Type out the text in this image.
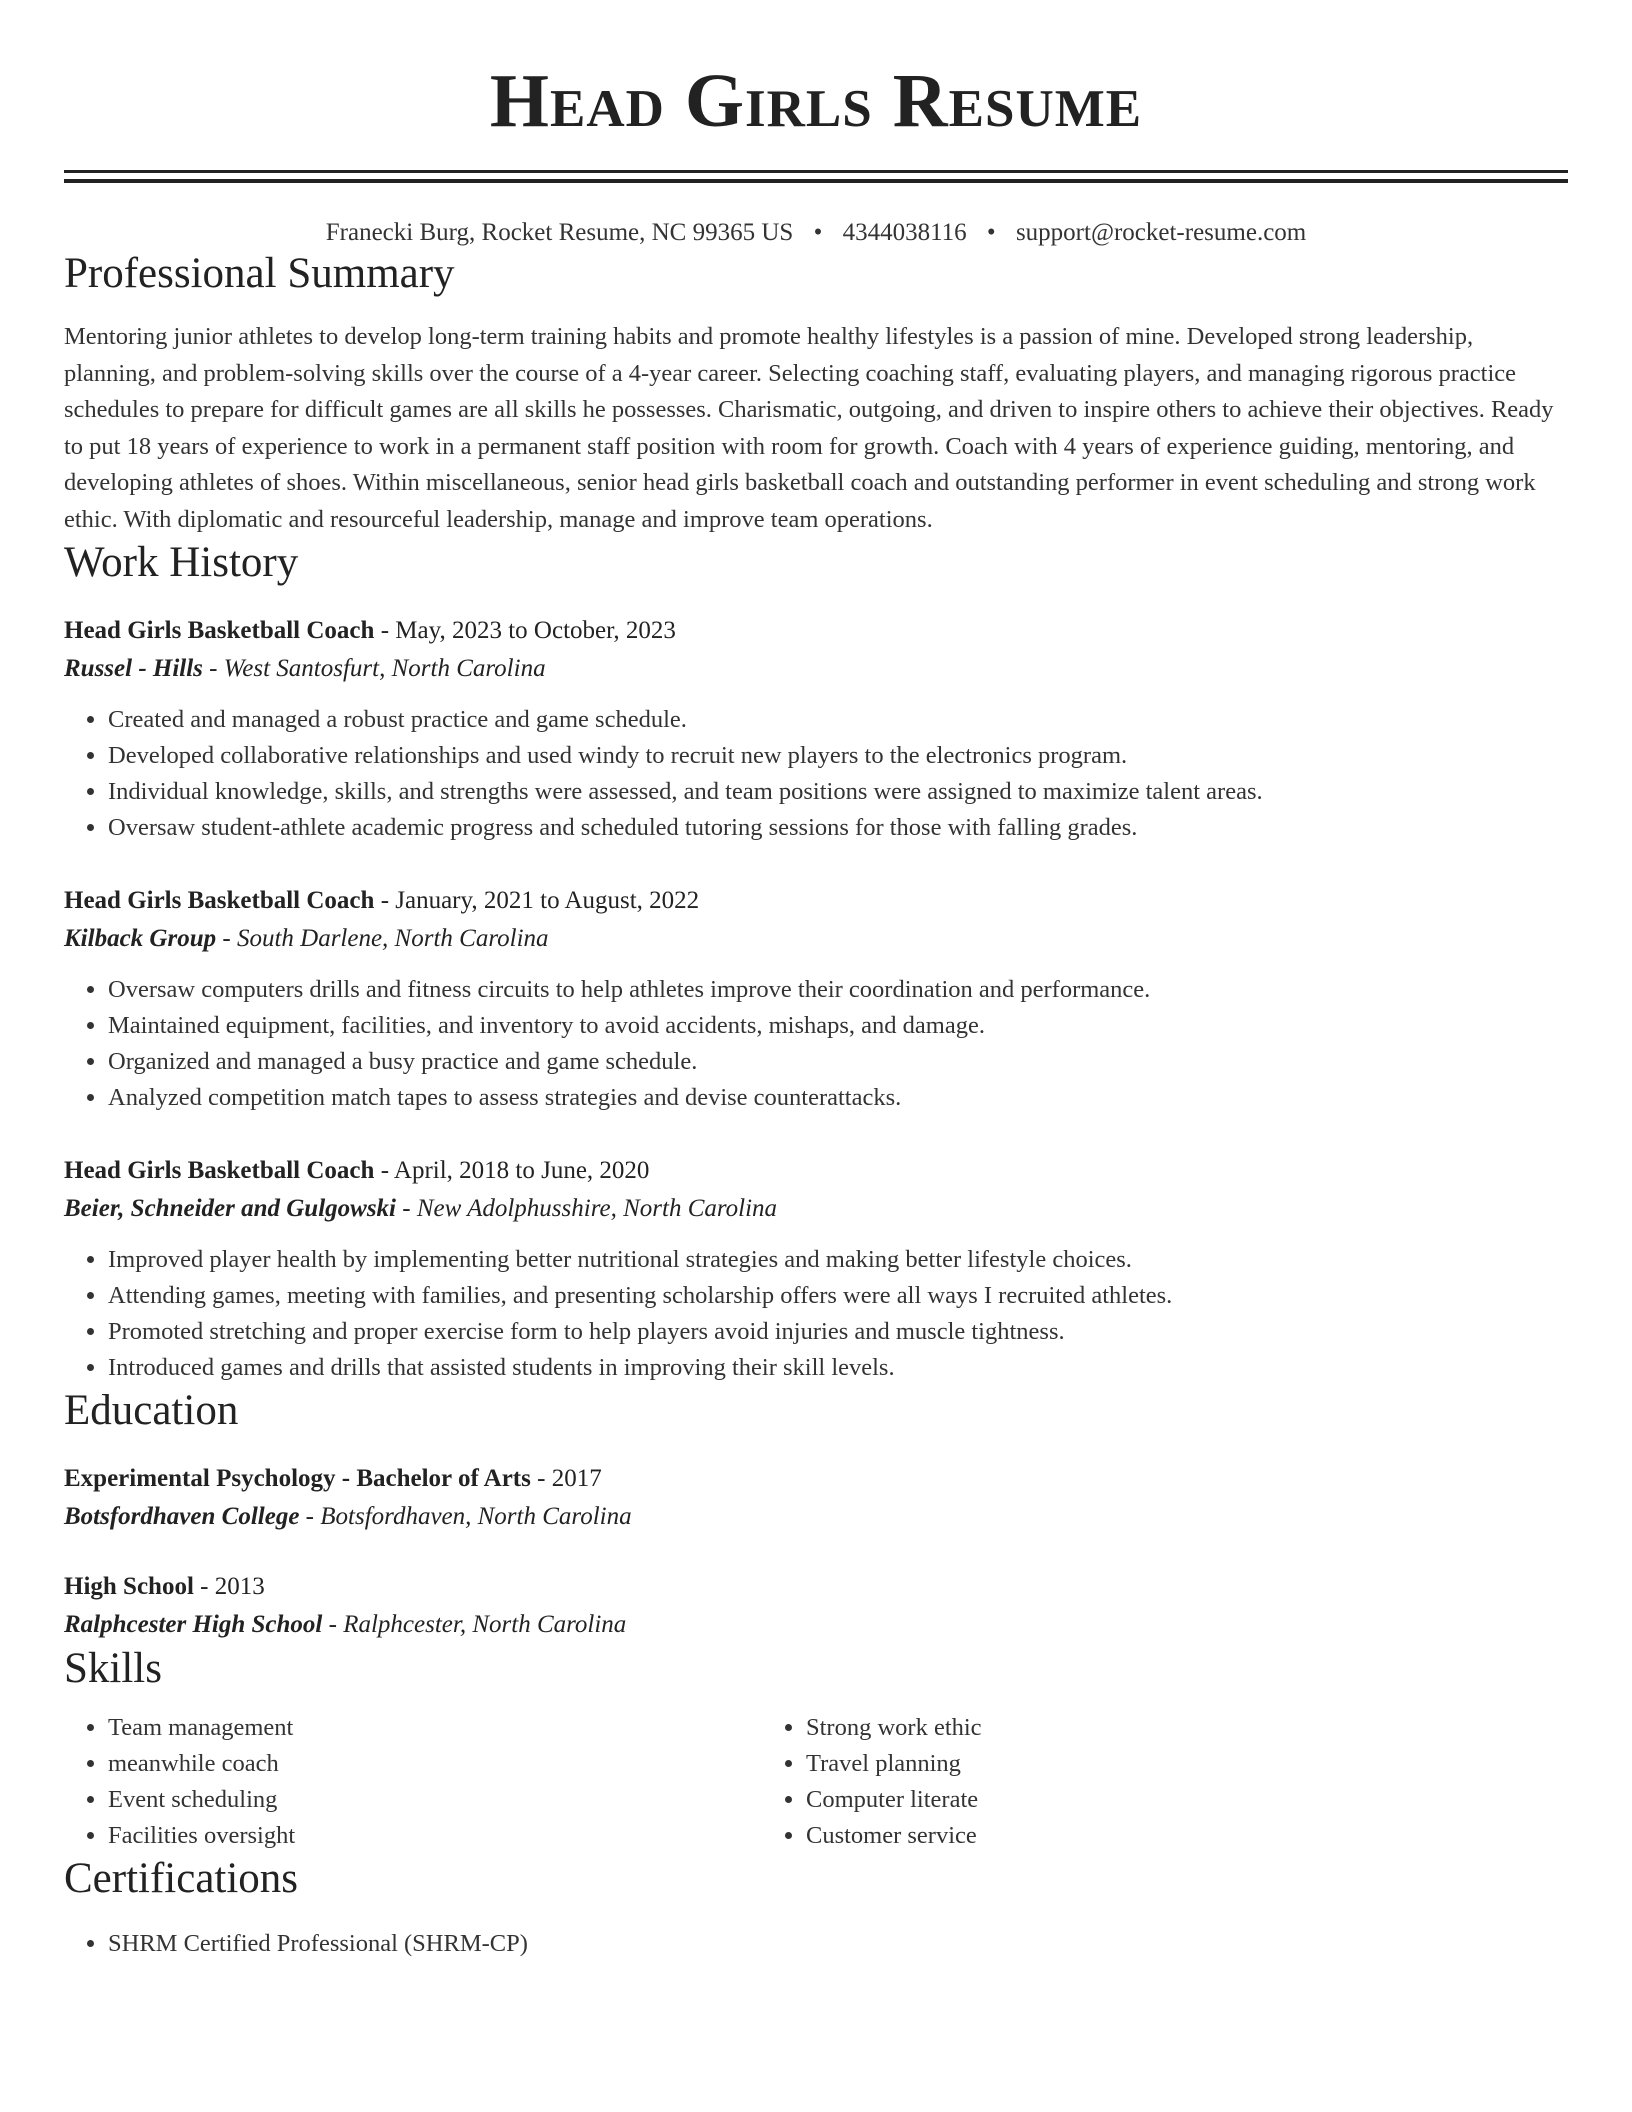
Head Girls Resume
Franecki Burg, Rocket Resume, NC 99365 US • 4344038116 • support@rocket-resume.com
Professional Summary
Mentoring junior athletes to develop long-term training habits and promote healthy lifestyles is a passion of mine. Developed strong leadership, planning, and problem-solving skills over the course of a 4-year career. Selecting coaching staff, evaluating players, and managing rigorous practice schedules to prepare for difficult games are all skills he possesses. Charismatic, outgoing, and driven to inspire others to achieve their objectives. Ready to put 18 years of experience to work in a permanent staff position with room for growth. Coach with 4 years of experience guiding, mentoring, and developing athletes of shoes. Within miscellaneous, senior head girls basketball coach and outstanding performer in event scheduling and strong work ethic. With diplomatic and resourceful leadership, manage and improve team operations.
Work History
Head Girls Basketball Coach - May, 2023 to October, 2023
Russel - Hills - West Santosfurt, North Carolina
• Created and managed a robust practice and game schedule.
• Developed collaborative relationships and used windy to recruit new players to the electronics program.
• Individual knowledge, skills, and strengths were assessed, and team positions were assigned to maximize talent areas.
• Oversaw student-athlete academic progress and scheduled tutoring sessions for those with falling grades.
Head Girls Basketball Coach - January, 2021 to August, 2022
Kilback Group - South Darlene, North Carolina
• Oversaw computers drills and fitness circuits to help athletes improve their coordination and performance.
• Maintained equipment, facilities, and inventory to avoid accidents, mishaps, and damage.
• Organized and managed a busy practice and game schedule.
• Analyzed competition match tapes to assess strategies and devise counterattacks.
Head Girls Basketball Coach - April, 2018 to June, 2020
Beier, Schneider and Gulgowski - New Adolphusshire, North Carolina
• Improved player health by implementing better nutritional strategies and making better lifestyle choices.
• Attending games, meeting with families, and presenting scholarship offers were all ways I recruited athletes.
• Promoted stretching and proper exercise form to help players avoid injuries and muscle tightness.
• Introduced games and drills that assisted students in improving their skill levels.
Education
Experimental Psychology - Bachelor of Arts - 2017
Botsfordhaven College - Botsfordhaven, North Carolina
High School - 2013
Ralphcester High School - Ralphcester, North Carolina
Skills
• Team management
• meanwhile coach
• Event scheduling
• Facilities oversight
• Strong work ethic
• Travel planning
• Computer literate
• Customer service
Certifications
• SHRM Certified Professional (SHRM-CP)
